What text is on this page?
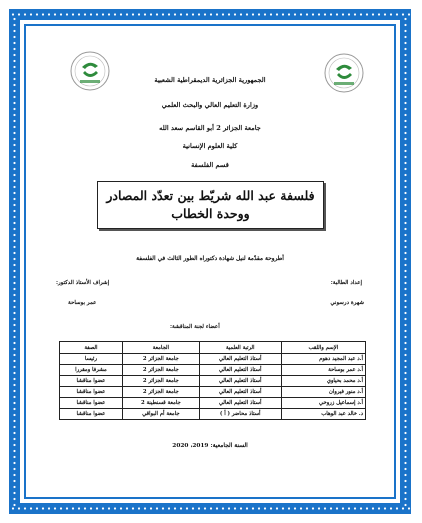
الجمهورية الجزائرية الديمقراطية الشعبية
وزارة التعليم العالي والبحث العلمي
جامعة الجزائر 2 أبو القاسم سعد الله
كلية العلوم الإنسانية
قسم الفلسفة
فلسفة عبد الله شريّط بين تعدّد المصادر
ووحدة الخطاب
أطروحة مقدّمة لنيل شهادة دكتوراه الطور الثالث في الفلسفة
إعداد الطالبة:
شهرة درسوني
إشراف الأستاذ الدكتور:
عمر بوساحة
أعضاء لجنة المناقشة:
الإسم واللقب	الرتبة العلمية	الجامعة	الصفة
أ.د عبد المجيد دهوم	أستاذ التعليم العالي	جامعة الجزائر 2	رئيسا
أ.د عمر بوساحة	أستاذ التعليم العالي	جامعة الجزائر 2	مشرفا ومقررا
أ.د محمد بحياوي	أستاذ التعليم العالي	جامعة الجزائر 2	عضوا مناقشا
أ.د منور فيروان	أستاذ التعليم العالي	جامعة الجزائر 2	عضوا مناقشا
أ.د إسماعيل زروخي	أستاذ التعليم العالي	جامعة قسنطينة 2	عضوا مناقشا
د. خالد عبد الوهاب	أستاذ محاضر ( أ )	جامعة أم البواقي	عضوا مناقشا
السنة الجامعية: 2019، 2020
